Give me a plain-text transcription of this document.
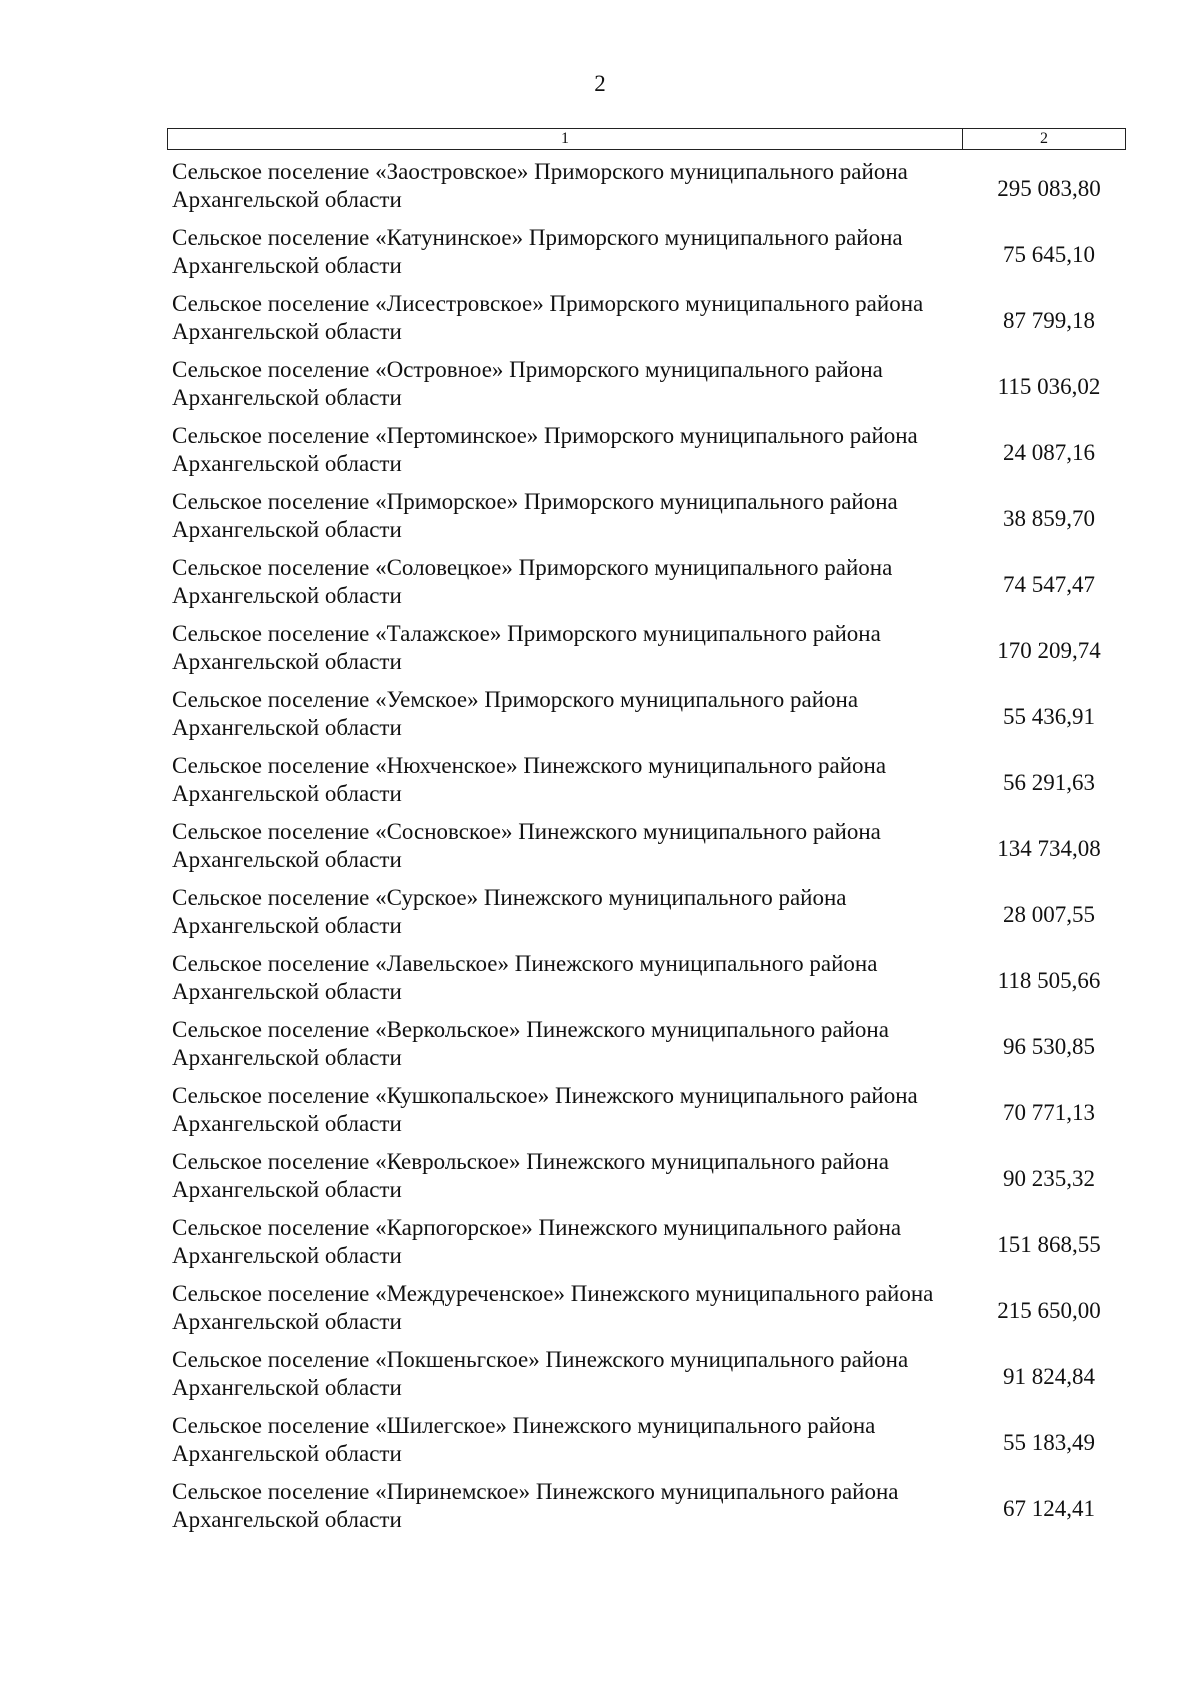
2
1	2
Сельское поселение «Заостровское» Приморского муниципального района Архангельской области	295 083,80
Сельское поселение «Катунинское» Приморского муниципального района Архангельской области	75 645,10
Сельское поселение «Лисестровское» Приморского муниципального района Архангельской области	87 799,18
Сельское поселение «Островное» Приморского муниципального района Архангельской области	115 036,02
Сельское поселение «Пертоминское» Приморского муниципального района Архангельской области	24 087,16
Сельское поселение «Приморское» Приморского муниципального района Архангельской области	38 859,70
Сельское поселение «Соловецкое» Приморского муниципального района Архангельской области	74 547,47
Сельское поселение «Талажское» Приморского муниципального района Архангельской области	170 209,74
Сельское поселение «Уемское» Приморского муниципального района Архангельской области	55 436,91
Сельское поселение «Нюхченское» Пинежского муниципального района Архангельской области	56 291,63
Сельское поселение «Сосновское» Пинежского муниципального района Архангельской области	134 734,08
Сельское поселение «Сурское» Пинежского муниципального района Архангельской области	28 007,55
Сельское поселение «Лавельское» Пинежского муниципального района Архангельской области	118 505,66
Сельское поселение «Веркольское» Пинежского муниципального района Архангельской области	96 530,85
Сельское поселение «Кушкопальское» Пинежского муниципального района Архангельской области	70 771,13
Сельское поселение «Кеврольское» Пинежского муниципального района Архангельской области	90 235,32
Сельское поселение «Карпогорское» Пинежского муниципального района Архангельской области	151 868,55
Сельское поселение «Междуреченское» Пинежского муниципального района Архангельской области	215 650,00
Сельское поселение «Покшеньгское» Пинежского муниципального района Архангельской области	91 824,84
Сельское поселение «Шилегское» Пинежского муниципального района Архангельской области	55 183,49
Сельское поселение «Пиринемское» Пинежского муниципального района Архангельской области	67 124,41
